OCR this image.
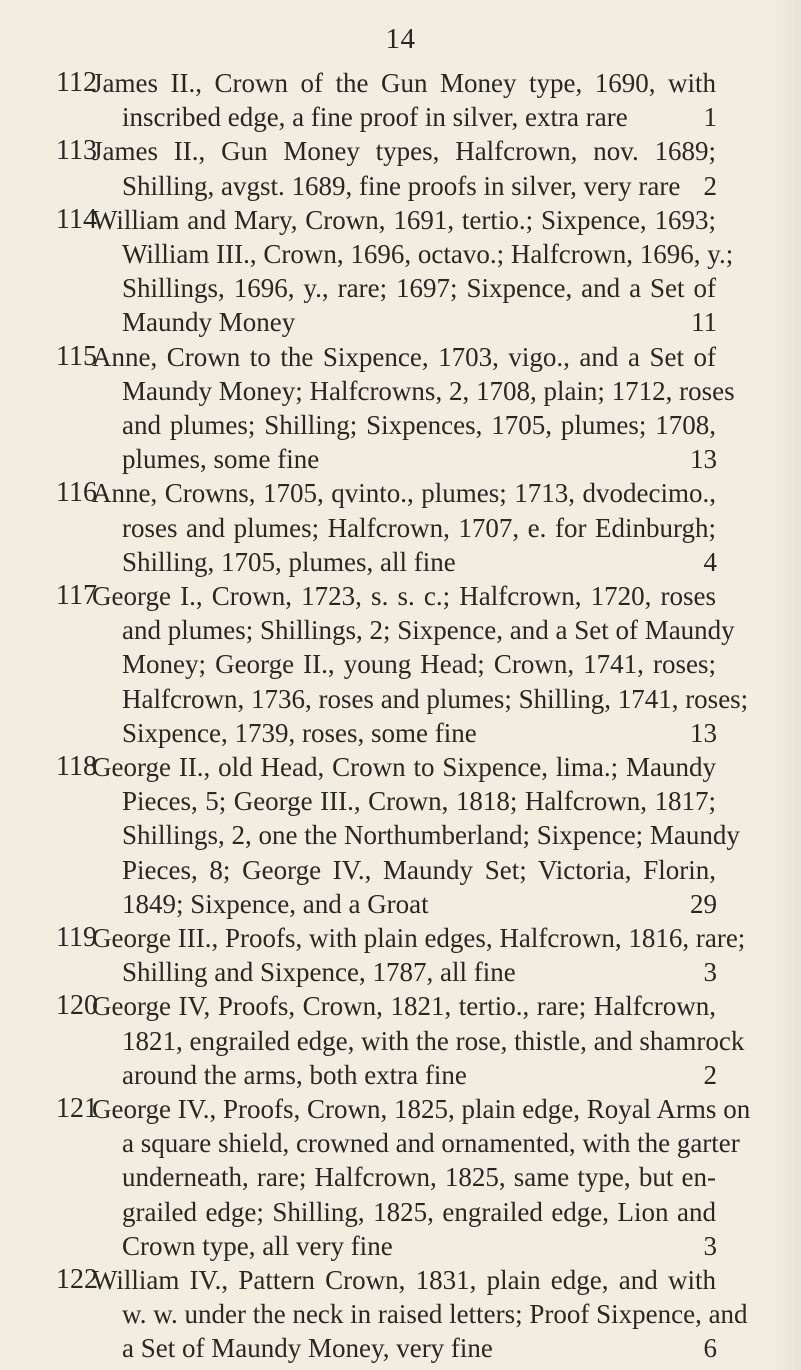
14
112
James II., Crown of the Gun Money type, 1690, with
inscribed edge, a fine proof in silver, extra rare	1
113
James II., Gun Money types, Halfcrown, nov. 1689;
Shilling, avgst. 1689, fine proofs in silver, very rare 2
114
William and Mary, Crown, 1691, tertio.; Sixpence, 1693;
William III., Crown, 1696, octavo.; Halfcrown, 1696, y.;
Shillings, 1696, y., rare; 1697; Sixpence, and a Set of
Maundy Money	11
115
Anne, Crown to the Sixpence, 1703, vigo., and a Set of
Maundy Money; Halfcrowns, 2, 1708, plain; 1712, roses
and plumes; Shilling; Sixpences, 1705, plumes; 1708,
plumes, some fine	13
116
Anne, Crowns, 1705, qvinto., plumes; 1713, dvodecimo.,
roses and plumes; Halfcrown, 1707, e. for Edinburgh;
Shilling, 1705, plumes, all fine	4
117
George I., Crown, 1723, s. s. c.; Halfcrown, 1720, roses
and plumes; Shillings, 2; Sixpence, and a Set of Maundy
Money; George II., young Head; Crown, 1741, roses;
Halfcrown, 1736, roses and plumes; Shilling, 1741, roses;
Sixpence, 1739, roses, some fine	13
118
George II., old Head, Crown to Sixpence, lima.; Maundy
Pieces, 5; George III., Crown, 1818; Halfcrown, 1817;
Shillings, 2, one the Northumberland; Sixpence; Maundy
Pieces, 8; George IV., Maundy Set; Victoria, Florin,
1849; Sixpence, and a Groat	29
119
George III., Proofs, with plain edges, Halfcrown, 1816, rare;
Shilling and Sixpence, 1787, all fine	3
120
George IV, Proofs, Crown, 1821, tertio., rare; Halfcrown,
1821, engrailed edge, with the rose, thistle, and shamrock
around the arms, both extra fine	2
121
George IV., Proofs, Crown, 1825, plain edge, Royal Arms on
a square shield, crowned and ornamented, with the garter
underneath, rare; Halfcrown, 1825, same type, but en-
grailed edge; Shilling, 1825, engrailed edge, Lion and
Crown type, all very fine	3
122
William IV., Pattern Crown, 1831, plain edge, and with
w. w. under the neck in raised letters; Proof Sixpence, and
a Set of Maundy Money, very fine	6
